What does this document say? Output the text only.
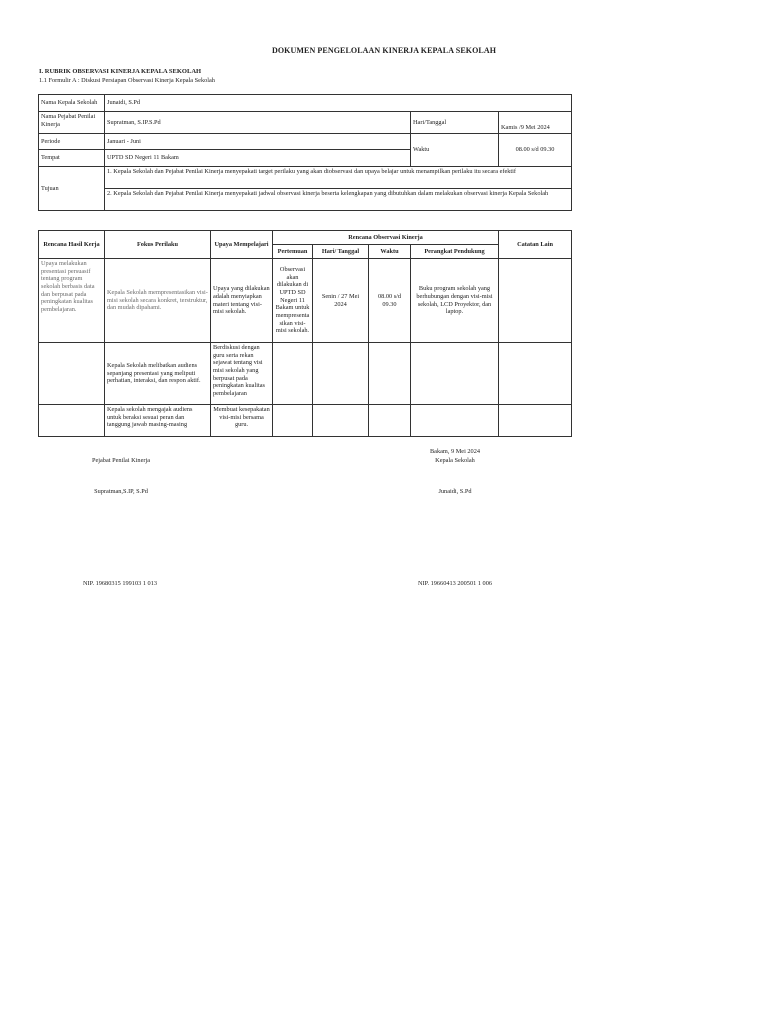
DOKUMEN PENGELOLAAN KINERJA KEPALA SEKOLAH
I. RUBRIK OBSERVASI KINERJA KEPALA SEKOLAH
1.1 Formulir A : Diskusi Persiapan Observasi Kinerja Kepala Sekolah
Nama Kepala Sekolah	Junaidi, S.Pd		
Nama Pejabat Penilai Kinerja	Supratman, S.IP.S.Pd	Hari/Tanggal	Kamis /9 Mei 2024
Periode	Januari - Juni	Waktu	08.00 s/d 09.30
Tempat	UPTD SD Negeri 11 Bakam		
Tujuan	1. Kepala Sekolah dan Pejabat Penilai Kinerja menyepakati target perilaku yang akan diobservasi dan upaya belajar untuk menampilkan perilaku itu secara efektif		
	2. Kepala Sekolah dan Pejabat Penilai Kinerja menyepakati jadwal observasi kinerja beserta kelengkapan yang dibutuhkan dalam melakukan observasi kinerja Kepala Sekolah		
Rencana Hasil Kerja	Fokus Perilaku	Upaya Mempelajari	Rencana Observasi Kinerja				Catatan Lain
			Pertemuan	Hari/ Tanggal	Waktu	Perangkat Pendukung	
Upaya melakukan presentasi persuasif tentang program sekolah berbasis data dan berpusat pada peningkatan kualitas pembelajaran.	Kepala Sekolah mempresentasikan visi-misi sekolah secara konkret, terstruktur, dan mudah dipahami.	Upaya yang dilakukan adalah menyiapkan materi tentang visi-misi sekolah.	Observasi akan dilakukan di UPTD SD Negeri 11 Bakam untuk mempresentasikan visi-misi sekolah.	Senin / 27 Mei 2024	08.00 s/d 09.30	Buku program sekolah yang berhubungan dengan visi-misi sekolah, LCD Proyektor, dan laptop.	
	Kepala Sekolah melibatkan audiens sepanjang presentasi yang meliputi perhatian, interaksi, dan respon aktif.	Berdiskusi dengan guru serta rekan sejawat tentang visi misi sekolah yang berpusat pada peningkatan kualitas pembelajaran					
	Kepala sekolah mengajak audiens untuk beraksi sesuai peran dan tanggung jawab masing-masing	Membuat kesepakatan visi-misi bersama guru.					
Bakam, 9 Mei 2024
Pejabat Penilai Kinerja	Kepala Sekolah
Supratman,S.IP, S.Pd	Junaidi, S.Pd
NIP. 19680315 199103 1 013	NIP. 19660413 200501 1 006
